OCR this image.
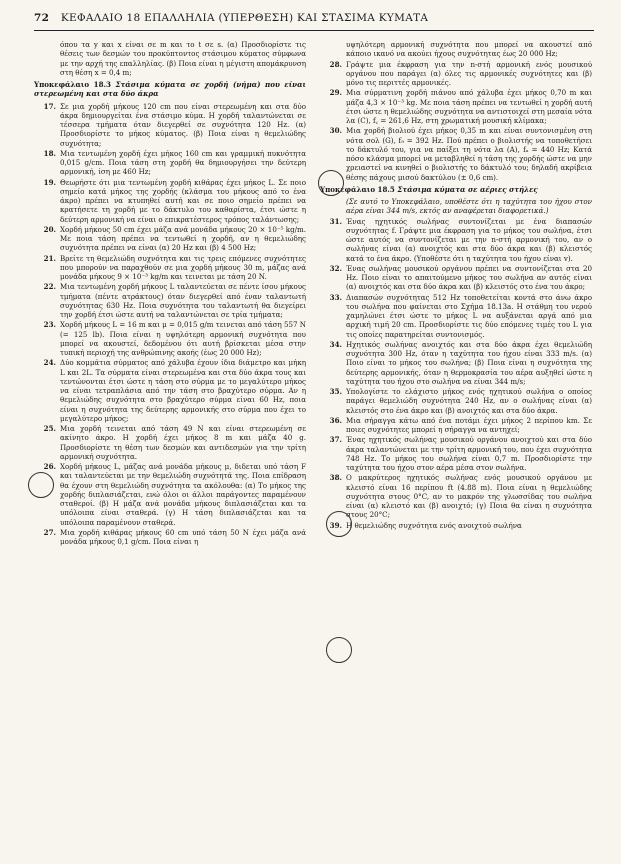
72 ΚΕΦΑΛΑΙΟ 18 ΕΠΑΛΛΗΛΙΑ (ΥΠΕΡΘΕΣΗ) ΚΑΙ ΣΤΑΣΙΜΑ ΚΥΜΑΤΑ

όπου τα y και x είναι σε m και το t σε s. (α) Προσδιορίστε τις θέσεις των δεσμών του προκύπτοντος στάσιμου κύματος σύμφωνα με την αρχή της επαλληλίας. (β) Ποια είναι η μέγιστη απομάκρυνση στη θέση x = 0,4 m;

Υποκεφάλαιο 18.3 Στάσιμα κύματα σε χορδή (νήμα) που είναι στερεωμένη και στα δύο άκρα
17. Σε μια χορδή μήκους 120 cm που είναι στερεωμένη και στα δύο άκρα δημιουργείται ένα στάσιμο κύμα. Η χορδή ταλαντώνεται σε τέσσερα τμήματα όταν διεγερθεί σε συχνότητα 120 Hz. (α) Προσδιορίστε το μήκος κύματος. (β) Ποια είναι η θεμελιώδης συχνότητα;
18. Μια τεντωμένη χορδή έχει μήκος 160 cm και γραμμική πυκνότητα 0,015 g/cm. Ποια τάση στη χορδή θα δημιουργήσει την δεύτερη αρμονική, ίση με 460 Hz;
19. Θεωρήστε ότι μια τεντωμένη χορδή κιθάρας έχει μήκος L. Σε ποιο σημείο κατά μήκος της χορδής (κλάσμα του μήκους από το ένα άκρο) πρέπει να κτυπηθεί αυτή και σε ποιο σημείο πρέπει να κρατήσετε τη χορδή με το δάκτυλο του καθαρίστα, έτσι ώστε η δεύτερη αρμονική να είναι ο επικρατέστερος τρόπος ταλάντωσης;
20. Χορδή μήκους 50 cm έχει μάζα ανά μονάδα μήκους 20 × 10⁻⁵ kg/m. Με ποια τάση πρέπει να τεντωθεί η χορδή, αν η θεμελιώδης συχνότητα πρέπει να είναι (α) 20 Hz και (β) 4 500 Hz;
21. Βρείτε τη θεμελιώδη συχνότητα και τις τρεις επόμενες συχνότητες που μπορούν να παραχθούν σε μια χορδή μήκους 30 m, μάζας ανά μονάδα μήκους 9 × 10⁻³ kg/m και τεινεται με τάση 20 N.
22. Μια τεντωμένη χορδή μήκους L ταλαντεύεται σε πέντε ίσου μήκους τμήματα (πέντε ατράκτους) όταν διεγερθεί από έναν ταλαντωτή συχνότητας 630 Hz. Ποια συχνότητα του ταλαντωτή θα διεγείρει την χορδή έτσι ώστε αυτή να ταλαντώνεται σε τρία τμήματα;
23. Χορδή μήκους L = 16 m και μ = 0,015 g/m τεινεται από τάση 557 N (= 125 lb). Ποια είναι η υψηλότερη αρμονική συχνότητα που μπορεί να ακουστεί, δεδομένου ότι αυτή βρίσκεται μέσα στην τυπική περιοχή της ανθρώπινης ακοής (έως 20 000 Hz);
24. Δύο κομμάτια σύρματος από χάλυβα έχουν ίδια διάμετρο και μήκη L και 2L. Τα σύρματα είναι στερεωμένα και στα δύο άκρα τους και τεντώνονται έτσι ώστε η τάση στο σύρμα με το μεγαλύτερο μήκος να είναι τετραπλάσια από την τάση στο βραχύτερο σύρμα. Αν η θεμελιώδης συχνότητα στο βραχύτερο σύρμα είναι 60 Hz, ποια είναι η συχνότητα της δεύτερης αρμονικής στο σύρμα που έχει το μεγαλύτερο μήκος;
25. Μια χορδή τεινεται από τάση 49 N και είναι στερεωμένη σε ακίνητο άκρο. Η χορδή έχει μήκος 8 m και μάζα 40 g. Προσδιορίστε τη θέση των δεσμών και αντιδεσμών για την τρίτη αρμονική συχνότητα.
26. Χορδή μήκους L, μάζας ανά μονάδα μήκους μ, διδεται υπό τάση F και ταλαντεύεται με την θεμελιώδη συχνότητά της. Ποια επίδραση θα έχουν στη θεμελιώδη συχνότητα τα ακόλουθα: (α) Το μήκος της χορδής διπλασιάζεται, ενώ όλοι οι άλλοι παράγοντες παραμένουν σταθεροί. (β) Η μάζα ανά μονάδα μήκους διπλασιάζεται και τα υπόλοιπα είναι σταθερά. (γ) Η τάση διπλασιάζεται και τα υπόλοιπα παραμένουν σταθερά.
27. Μια χορδή κιθάρας μήκους 60 cm υπό τάση 50 N έχει μάζα ανά μονάδα μήκους 0,1 g/cm. Ποια είναι η

υψηλότερη αρμονική συχνότητα που μπορεί να ακουστεί από κάποιο ικανό να ακούει ήχους συχνότητας έως 20 000 Hz;

28. Γράψτε μια έκφραση για την n-στή αρμονική ενός μουσικού οργάνου που παράγει (α) όλες τις αρμονικές συχνότητες και (β) μόνο τις περιττές αρμονικές.
29. Μια σύρματινη χορδή πιάνου από χάλυβα έχει μήκος 0,70 m και μάζα 4,3 × 10⁻³ kg. Με ποια τάση πρέπει να τεντωθεί η χορδή αυτή έτσι ώστε η θεμελιώδης συχνότητα να αντιστοιχεί στη μεσαία νότα λα (C), f꜀ = 261,6 Hz, στη χρωματική μουσική κλίμακα;
30. Μια χορδή βιολιού έχει μήκος 0,35 m και είναι συντονισμένη στη νότα σολ (G), f₉ = 392 Hz. Πού πρέπει ο βιολιστής να τοποθετήσει το δάκτυλό του, για να παίξει τη νότα λα (A), fₐ = 440 Hz; Κατά πόσο κλάσμα μπορεί να μεταβληθεί η τάση της χορδής ώστε να μην χρειαστεί να κινηθεί ο βιολιστής το δάκτυλό του; δηλαδή ακρίβεια θέσης πάχους μισού δακτύλου (± 0,6 cm).
Υποκεφάλαιο 18.5 Στάσιμα κύματα σε αέριες στήλες

(Σε αυτό το Υποκεφάλαιο, υποθέστε ότι η ταχύτητα του ήχου στον αέρα είναι 344 m/s, εκτός αν αναφέρεται διαφορετικά.)

31. Ένας ηχητικός σωλήνας συντονίζεται με ένα διαπασών συχνότητας f. Γράψτε μια έκφραση για το μήκος του σωλήνα, έτσι ώστε αυτός να συντονίζεται με την n-στή αρμονική του, αν ο σωλήνας είναι (α) ανοιχτός και στα δύο άκρα και (β) κλειστός κατά το ένα άκρο. (Υποθέστε ότι η ταχύτητα του ήχου είναι v).
32. Ένας σωλήνας μουσικού οργάνου πρέπει να συντονίζεται στα 20 Hz. Ποιο είναι το απαιτούμενο μήκος του σωλήνα αν αυτός είναι (α) ανοιχτός και στα δύο άκρα και (β) κλειστός στο ένα του άκρο;
33. Διαπασών συχνότητας 512 Hz τοποθετείται κοντά στο άνω άκρο του σωλήνα που φαίνεται στο Σχήμα 18.13a. Η στάθμη του νερού χαμηλώνει έτσι ώστε το μήκος L να αυξάνεται αργά από μια αρχική τιμή 20 cm. Προσδιορίστε τις δύο επόμενες τιμές του L για τις οποίες παρατηρείται συντονισμός.
34. Ηχητικός σωλήνας ανοιχτός και στα δύο άκρα έχει θεμελιώδη συχνότητα 300 Hz, όταν η ταχύτητα του ήχου είναι 333 m/s. (α) Ποιο είναι το μήκος του σωλήνα; (β) Ποια είναι η συχνότητα της δεύτερης αρμονικής, όταν η θερμοκρασία του αέρα αυξηθεί ώστε η ταχύτητα του ήχου στο σωλήνα να είναι 344 m/s;
35. Υπολογίστε το ελάχιστο μήκος ενός ηχητικού σωλήνα ο οποίος παράγει θεμελιώδη συχνότητα 240 Hz, αν ο σωλήνας είναι (α) κλειστός στο ένα άκρο και (β) ανοιχτός και στα δύο άκρα.
36. Μια σήραγγα κάτω από ένα ποτάμι έχει μήκος 2 περίπου km. Σε ποιες συχνότητες μπορεί η σήραγγα να αντηχεί;
37. Ένας ηχητικός σωλήνας μουσικού οργάνου ανοιχτού και στα δύο άκρα ταλαντώνεται με την τρίτη αρμονική του, που έχει συχνότητα 748 Hz. Το μήκος του σωλήνα είναι 0,7 m. Προσδιορίστε την ταχύτητα του ήχου στον αέρα μέσα στον σωλήνα.
38. Ο μακρύτερος ηχητικός σωλήνας ενός μουσικού οργάνου με κλειστό είναι 16 περίπου ft (4.88 m). Ποια είναι η θεμελιώδης συχνότητα στους 0°C, αν το μακρόν της γλωσσίδας του σωλήνα είναι (α) κλειστό και (β) ανοιχτό; (γ) Ποια θα είναι η συχνότητα στους 20°C;
39. Η θεμελιώδης συχνότητα ενός ανοιχτού σωλήνα
